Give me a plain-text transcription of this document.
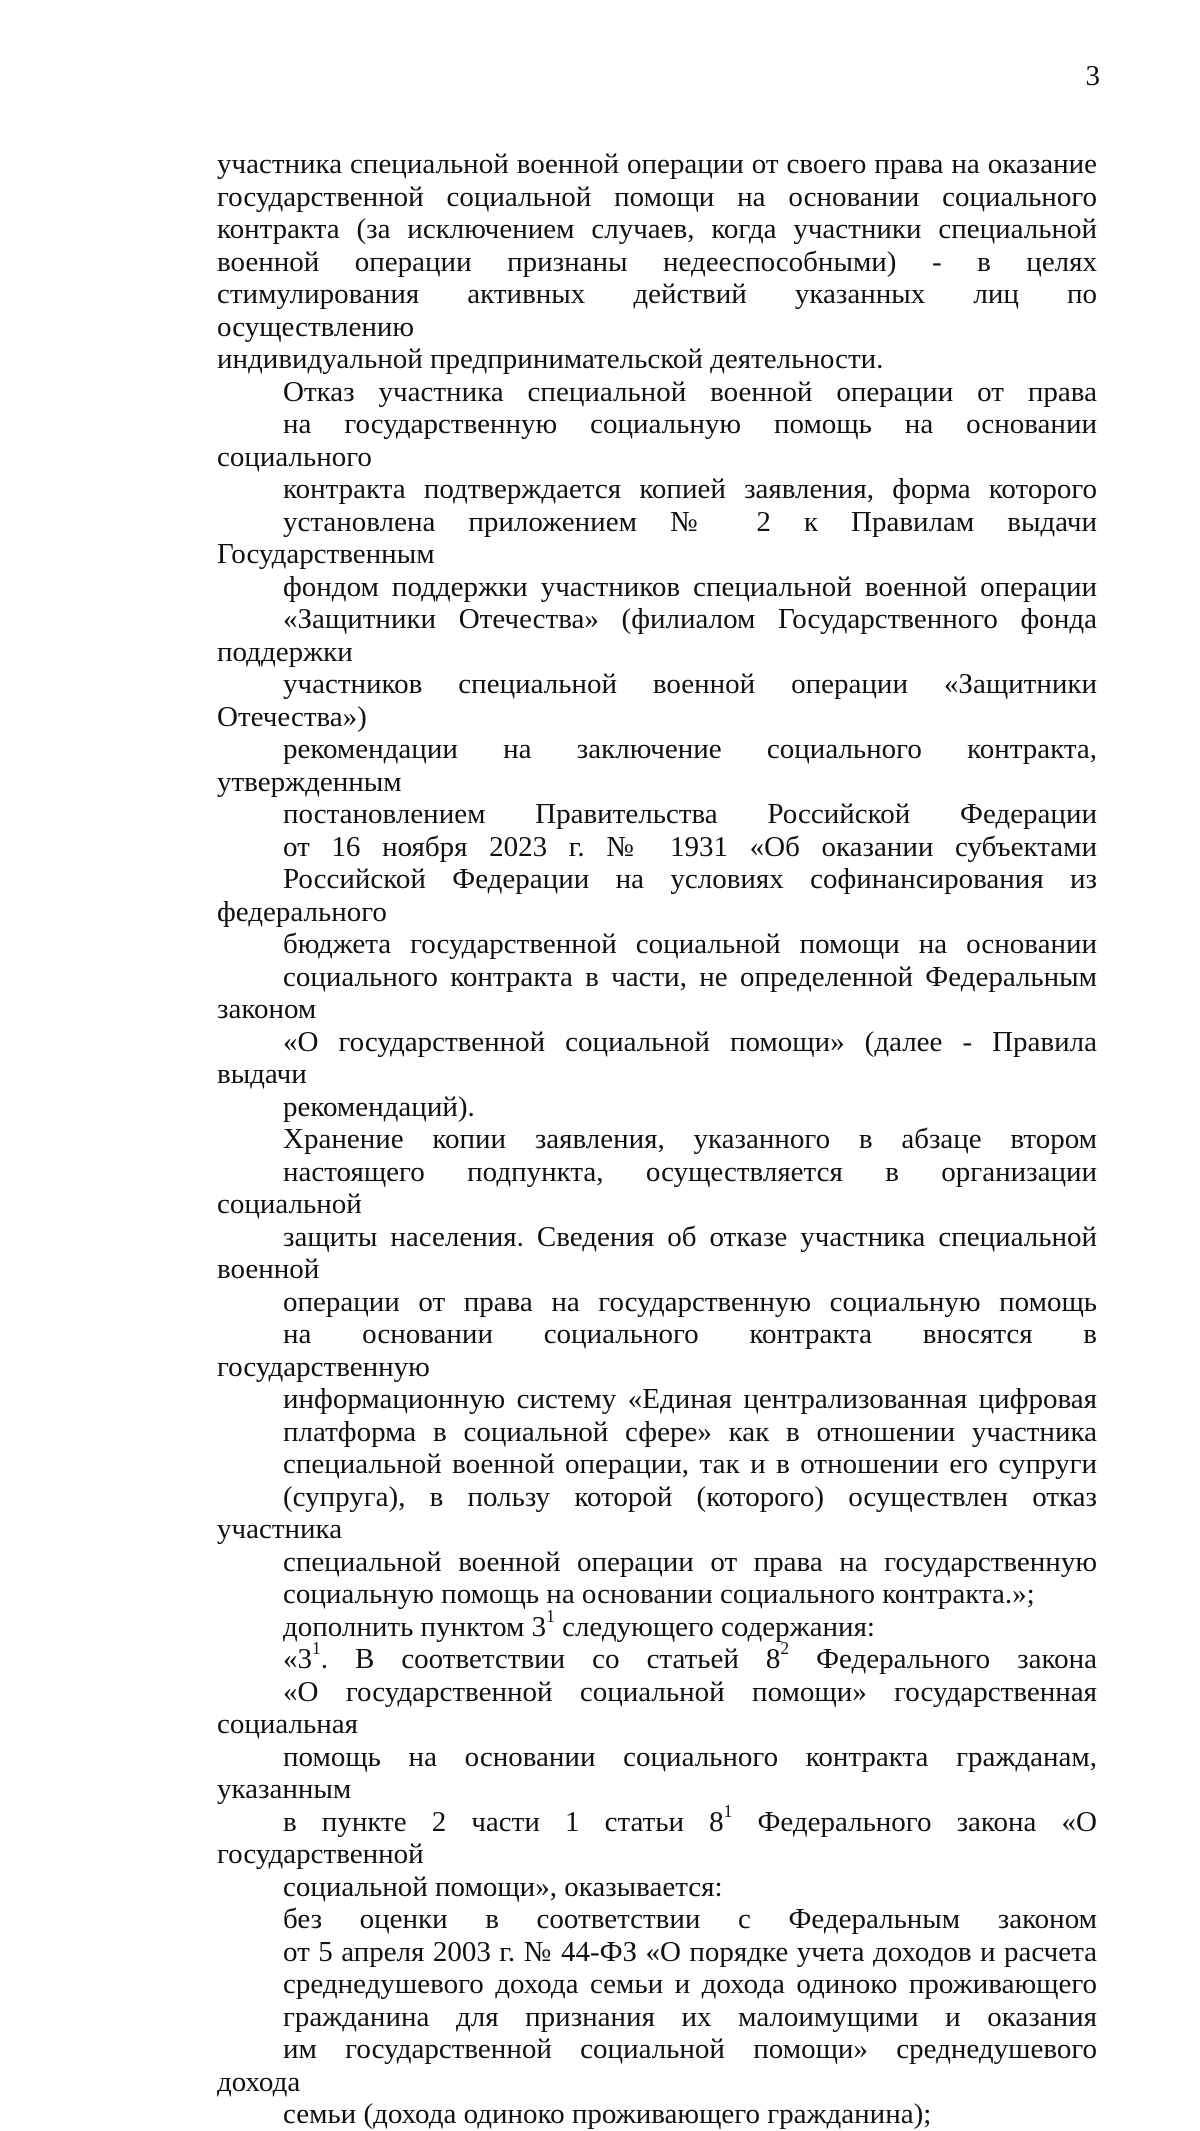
3

участника специальной военной операции от своего права на оказание
государственной социальной помощи на основании социального
контракта (за исключением случаев, когда участники специальной
военной операции признаны недееспособными) - в целях
стимулирования активных действий указанных лиц по осуществлению
индивидуальной предпринимательской деятельности.

Отказ участника специальной военной операции от права
на государственную социальную помощь на основании социального
контракта подтверждается копией заявления, форма которого
установлена приложением № 2 к Правилам выдачи Государственным
фондом поддержки участников специальной военной операции
«Защитники Отечества» (филиалом Государственного фонда поддержки
участников специальной военной операции «Защитники Отечества»)
рекомендации на заключение социального контракта, утвержденным
постановлением Правительства Российской Федерации
от 16 ноября 2023 г. № 1931 «Об оказании субъектами
Российской Федерации на условиях софинансирования из федерального
бюджета государственной социальной помощи на основании
социального контракта в части, не определенной Федеральным законом
«О государственной социальной помощи» (далее - Правила выдачи
рекомендаций).

Хранение копии заявления, указанного в абзаце втором
настоящего подпункта, осуществляется в организации социальной
защиты населения. Сведения об отказе участника специальной военной
операции от права на государственную социальную помощь
на основании социального контракта вносятся в государственную
информационную систему «Единая централизованная цифровая
платформа в социальной сфере» как в отношении участника
специальной военной операции, так и в отношении его супруги
(супруга), в пользу которой (которого) осуществлен отказ участника
специальной военной операции от права на государственную
социальную помощь на основании социального контракта.»;

дополнить пунктом $3^1$ следующего содержания:

«$3^1$. В соответствии со статьей $8^2$ Федерального закона
«О государственной социальной помощи» государственная социальная
помощь на основании социального контракта гражданам, указанным
в пункте 2 части 1 статьи $8^1$ Федерального закона «О государственной
социальной помощи», оказывается:

без оценки в соответствии с Федеральным законом
от 5 апреля 2003 г. № 44-ФЗ «О порядке учета доходов и расчета
среднедушевого дохода семьи и дохода одиноко проживающего
гражданина для признания их малоимущими и оказания
им государственной социальной помощи» среднедушевого дохода
семьи (дохода одиноко проживающего гражданина);
